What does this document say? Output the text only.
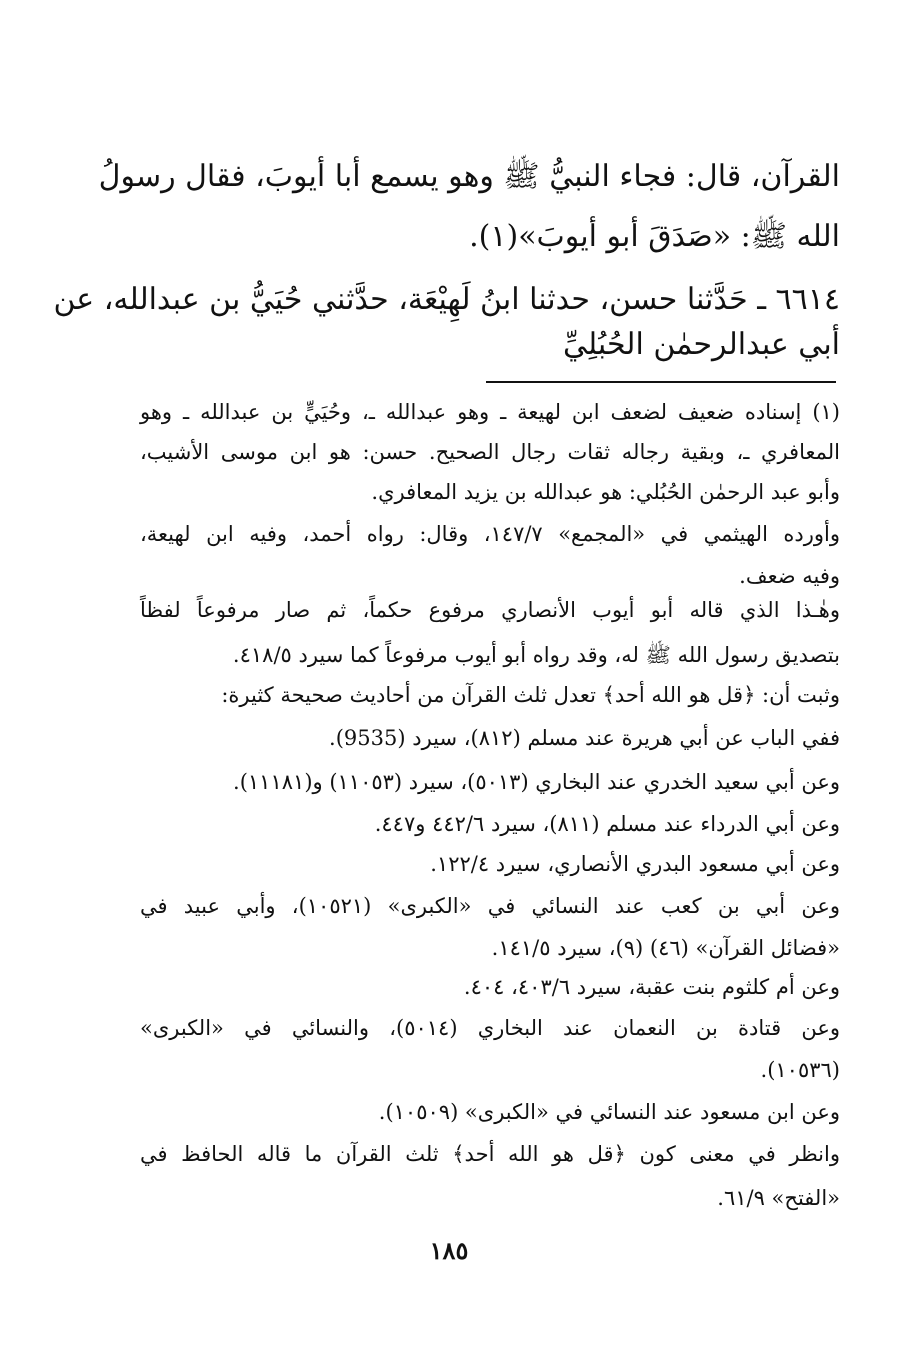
القرآن، قال: فجاء النبيُّ ﷺ وهو يسمع أبا أيوبَ، فقال رسولُ
الله ﷺ: «صَدَقَ أبو أيوبَ»(١).
٦٦١٤ ـ حَدَّثنا حسن، حدثنا ابنُ لَهِيْعَة، حدَّثني حُيَيُّ بن عبدالله، عن
أبي عبدالرحمٰن الحُبُلِيِّ
(١) إسناده ضعيف لضعف ابن لهيعة ـ وهو عبدالله ـ، وحُيَيٍّ بن عبدالله ـ وهو
المعافري ـ، وبقية رجاله ثقات رجال الصحيح. حسن: هو ابن موسى الأشيب،
وأبو عبد الرحمٰن الحُبُلي: هو عبدالله بن يزيد المعافري.
وأورده الهيثمي في «المجمع» ١٤٧/٧، وقال: رواه أحمد، وفيه ابن لهيعة،
وفيه ضعف.
وهٰـذا الذي قاله أبو أيوب الأنصاري مرفوع حكماً، ثم صار مرفوعاً لفظاً
بتصديق رسول الله ﷺ له، وقد رواه أبو أيوب مرفوعاً كما سيرد ٤١٨/٥.
وثبت أن: ﴿قل هو الله أحد﴾ تعدل ثلث القرآن من أحاديث صحيحة كثيرة:
ففي الباب عن أبي هريرة عند مسلم (٨١٢)، سيرد (9535).
وعن أبي سعيد الخدري عند البخاري (٥٠١٣)، سيرد (١١٠٥٣) و(١١١٨١).
وعن أبي الدرداء عند مسلم (٨١١)، سيرد ٤٤٢/٦ و٤٤٧.
وعن أبي مسعود البدري الأنصاري، سيرد ١٢٢/٤.
وعن أبي بن كعب عند النسائي في «الكبرى» (١٠٥٢١)، وأبي عبيد في
«فضائل القرآن» (٤٦) (٩)، سيرد ١٤١/٥.
وعن أم كلثوم بنت عقبة، سيرد ٤٠٣/٦، ٤٠٤.
وعن قتادة بن النعمان عند البخاري (٥٠١٤)، والنسائي في «الكبرى»
(١٠٥٣٦).
وعن ابن مسعود عند النسائي في «الكبرى» (١٠٥٠٩).
وانظر في معنى كون ﴿قل هو الله أحد﴾ ثلث القرآن ما قاله الحافظ في
«الفتح» ٦١/٩.
١٨٥
